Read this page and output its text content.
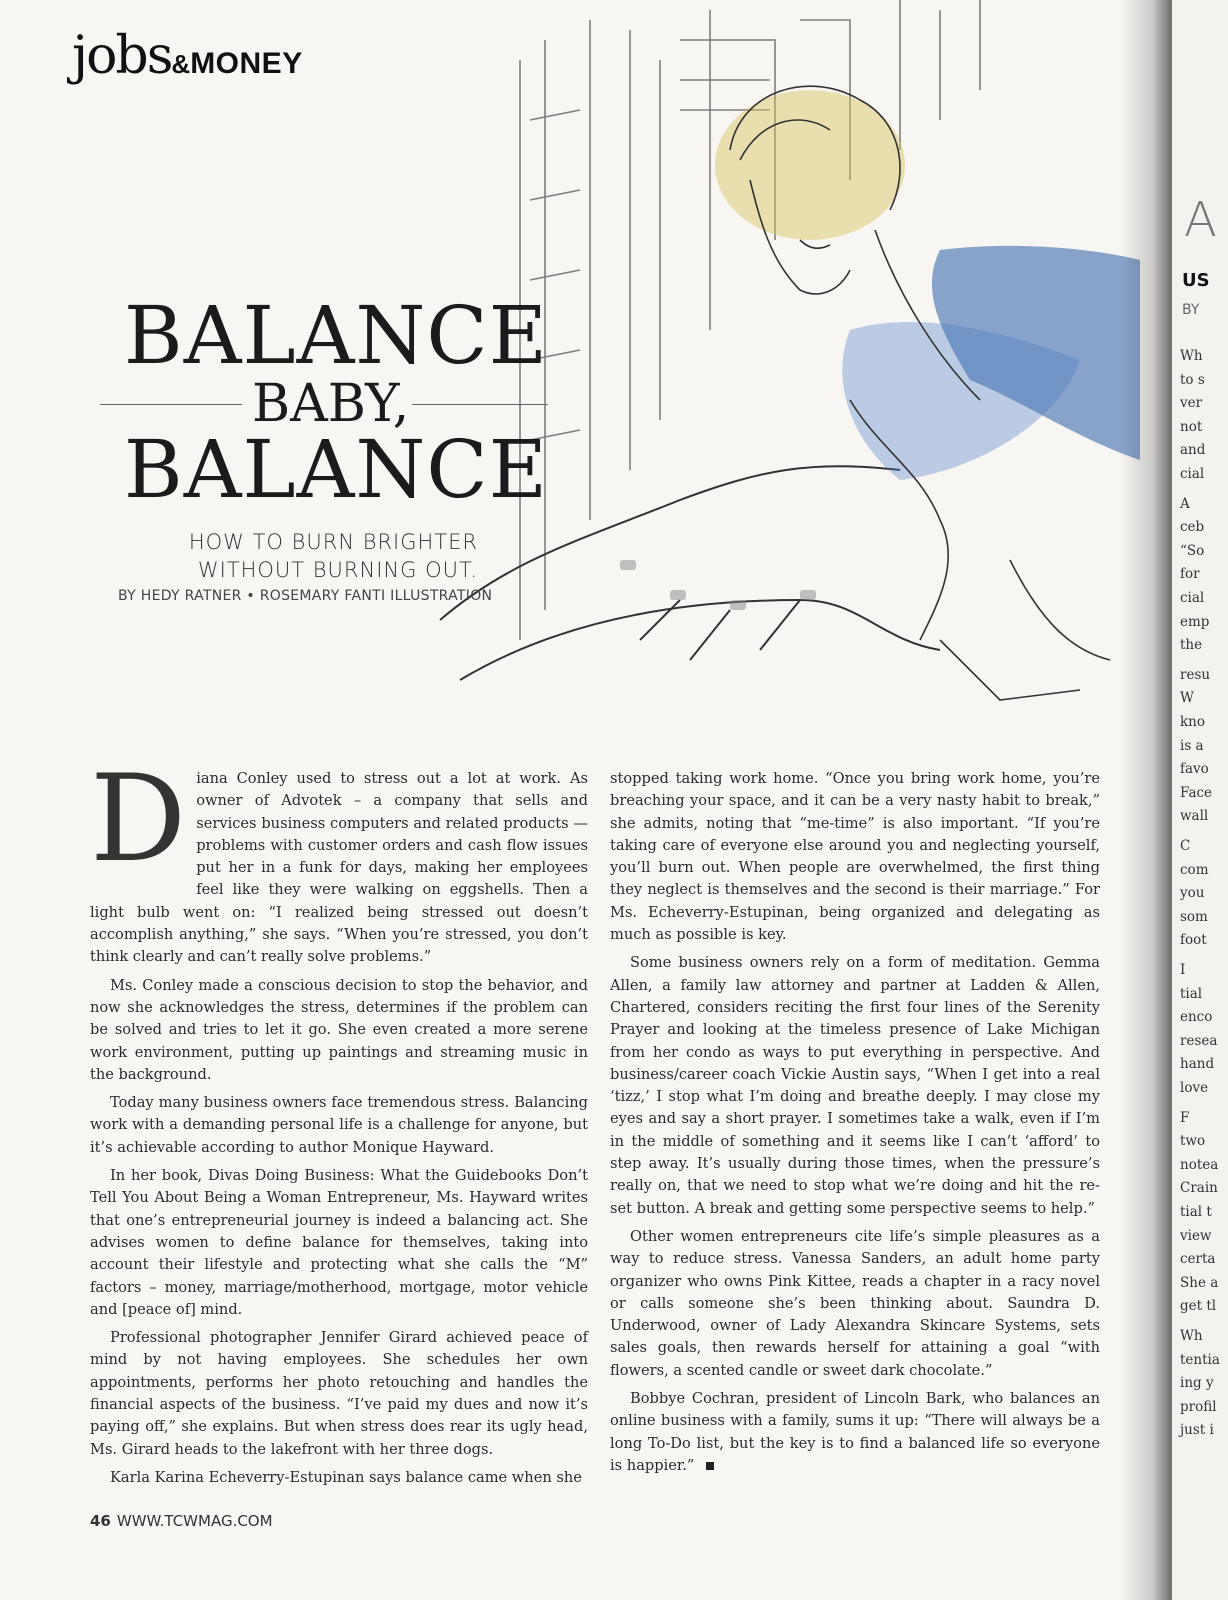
jobs&MONEY
BALANCE
BABY,
BALANCE
HOW TO BURN BRIGHTER
WITHOUT BURNING OUT.
BY HEDY RATNER • ROSEMARY FANTI ILLUSTRATION

Diana Conley used to stress out a lot at work. As owner of Advotek – a company that sells and services business computers and related products — problems with customer orders and cash flow issues put her in a funk for days, making her employees feel like they were walking on eggshells. Then a light bulb went on: “I realized being stressed out doesn’t accomplish anything,” she says. “When you’re stressed, you don’t think clearly and can’t really solve problems.”

Ms. Conley made a conscious decision to stop the behavior, and now she acknowledges the stress, determines if the problem can be solved and tries to let it go. She even created a more serene work environment, putting up paintings and streaming music in the background.

Today many business owners face tremendous stress. Balancing work with a demanding personal life is a challenge for anyone, but it’s achievable according to author Monique Hayward.

In her book, Divas Doing Business: What the Guidebooks Don’t Tell You About Being a Woman Entrepreneur, Ms. Hayward writes that one’s entrepreneurial journey is indeed a balancing act. She advises women to define balance for themselves, taking into account their lifestyle and protecting what she calls the “M” factors – money, marriage/motherhood, mortgage, motor vehicle and [peace of] mind.

Professional photographer Jennifer Girard achieved peace of mind by not having employees. She schedules her own appointments, performs her photo retouching and handles the financial aspects of the business. “I’ve paid my dues and now it’s paying off,” she explains. But when stress does rear its ugly head, Ms. Girard heads to the lakefront with her three dogs.

Karla Karina Echeverry-Estupinan says balance came when she

stopped taking work home. “Once you bring work home, you’re breaching your space, and it can be a very nasty habit to break,” she admits, noting that “me-time” is also important. “If you’re taking care of everyone else around you and neglecting yourself, you’ll burn out. When people are overwhelmed, the first thing they neglect is themselves and the second is their marriage.” For Ms. Echeverry-Estupinan, being organized and delegating as much as possible is key.

Some business owners rely on a form of meditation. Gemma Allen, a family law attorney and partner at Ladden & Allen, Chartered, considers reciting the first four lines of the Serenity Prayer and looking at the timeless presence of Lake Michigan from her condo as ways to put everything in perspective. And business/career coach Vickie Austin says, “When I get into a real ‘tizz,’ I stop what I’m doing and breathe deeply. I may close my eyes and say a short prayer. I sometimes take a walk, even if I’m in the middle of something and it seems like I can’t ‘afford’ to step away. It’s usually during those times, when the pressure’s really on, that we need to stop what we’re doing and hit the re-set button. A break and getting some perspective seems to help.”

Other women entrepreneurs cite life’s simple pleasures as a way to reduce stress. Vanessa Sanders, an adult home party organizer who owns Pink Kittee, reads a chapter in a racy novel or calls someone she’s been thinking about. Saundra D. Underwood, owner of Lady Alexandra Skincare Systems, sets sales goals, then rewards herself for attaining a goal “with flowers, a scented candle or sweet dark chocolate.”

Bobbye Cochran, president of Lincoln Bark, who balances an online business with a family, sums it up: “There will always be a long To-Do list, but the key is to find a balanced life so everyone is happier.”

46 WWW.TCWMAG.COM
A
US
BY
Wh
to s
ver
not
and
cial
A
ceb
“So
for
cial
emp
the
resu
W
kno
is a
favo
Face
wall
C
com
you
som
foot
I
tial
enco
resea
hand
love
F
two
notea
Crain
tial t
view
certa
She a
get tl
Wh
tentia
ing y
profil
just i
